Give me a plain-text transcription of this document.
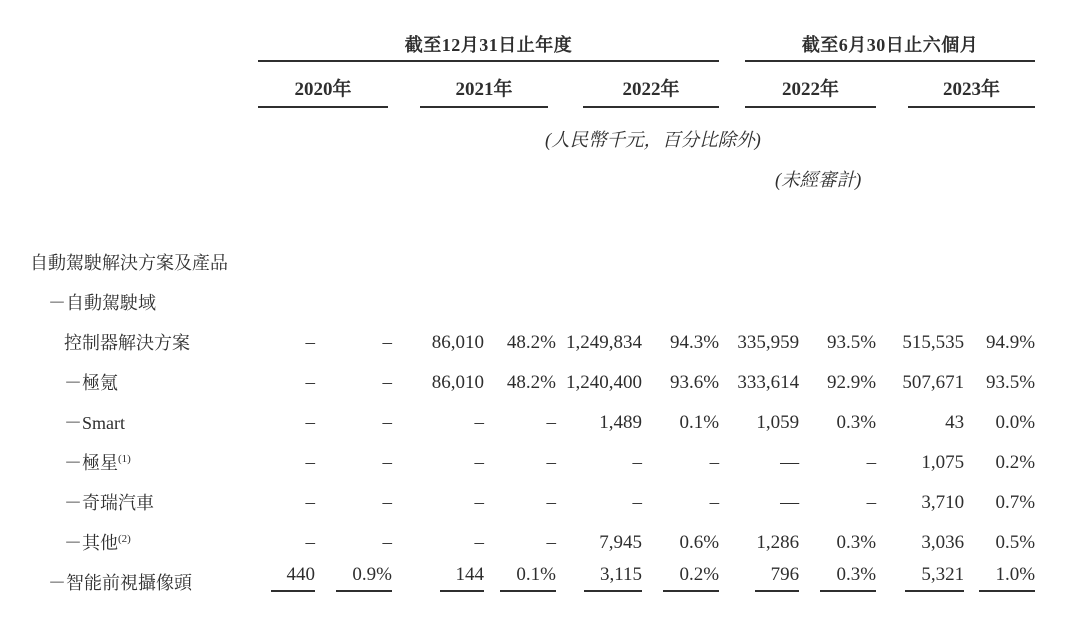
	截至12月31日止年度						截至6月30日止六個月			

	2020年		2021年		2022年		2022年		2023年	

(人民幣千元，百分比除外)										

(未經審計)										

自動駕駛解決方案及產品										
－自動駕駛域										
控制器解決方案	–	–	86,010	48.2%	1,249,834	94.3%	335,959	93.5%	515,535	94.9%
－極氪	–	–	86,010	48.2%	1,240,400	93.6%	333,614	92.9%	507,671	93.5%
－Smart	–	–	–	–	1,489	0.1%	1,059	0.3%	43	0.0%
－極星$^{(1)}$	–	–	–	–	–	–	—	–	1,075	0.2%
－奇瑞汽車	–	–	–	–	–	–	—	–	3,710	0.7%
－其他$^{(2)}$	–	–	–	–	7,945	0.6%	1,286	0.3%	3,036	0.5%
－智能前視攝像頭	440	0.9%	144	0.1%	3,115	0.2%	796	0.3%	5,321	1.0%
